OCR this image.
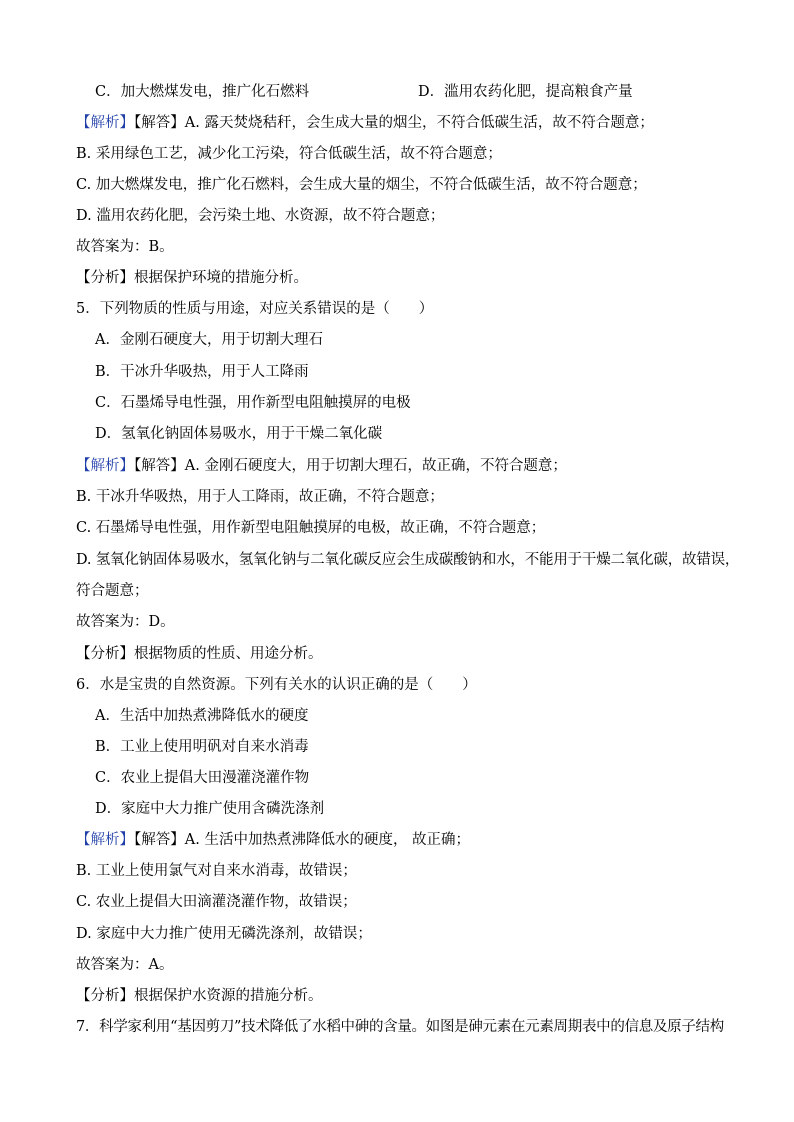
C．加大燃煤发电，推广化石燃料	D．滥用农药化肥，提高粮食产量
【解析】【解答】A. 露天焚烧秸秆，会生成大量的烟尘，不符合低碳生活，故不符合题意；
B. 采用绿色工艺，减少化工污染，符合低碳生活，故不符合题意；
C. 加大燃煤发电，推广化石燃料，会生成大量的烟尘，不符合低碳生活，故不符合题意；
D. 滥用农药化肥，会污染土地、水资源，故不符合题意；
故答案为：B。
【分析】根据保护环境的措施分析。
5．下列物质的性质与用途，对应关系错误的是（　　）
A．金刚石硬度大，用于切割大理石
B．干冰升华吸热，用于人工降雨
C．石墨烯导电性强，用作新型电阻触摸屏的电极
D．氢氧化钠固体易吸水，用于干燥二氧化碳
【解析】【解答】A. 金刚石硬度大，用于切割大理石，故正确，不符合题意；
B. 干冰升华吸热，用于人工降雨，故正确，不符合题意；
C. 石墨烯导电性强，用作新型电阻触摸屏的电极，故正确，不符合题意；
D. 氢氧化钠固体易吸水，氢氧化钠与二氧化碳反应会生成碳酸钠和水，不能用于干燥二氧化碳，故错误，
符合题意；
故答案为：D。
【分析】根据物质的性质、用途分析。
6．水是宝贵的自然资源。下列有关水的认识正确的是（　　）
A．生活中加热煮沸降低水的硬度
B．工业上使用明矾对自来水消毒
C．农业上提倡大田漫灌浇灌作物
D．家庭中大力推广使用含磷洗涤剂
【解析】【解答】A. 生活中加热煮沸降低水的硬度， 故正确；
B. 工业上使用氯气对自来水消毒，故错误；
C. 农业上提倡大田滴灌浇灌作物，故错误；
D. 家庭中大力推广使用无磷洗涤剂，故错误；
故答案为：A。
【分析】根据保护水资源的措施分析。
7．科学家利用“基因剪刀”技术降低了水稻中砷的含量。如图是砷元素在元素周期表中的信息及原子结构
